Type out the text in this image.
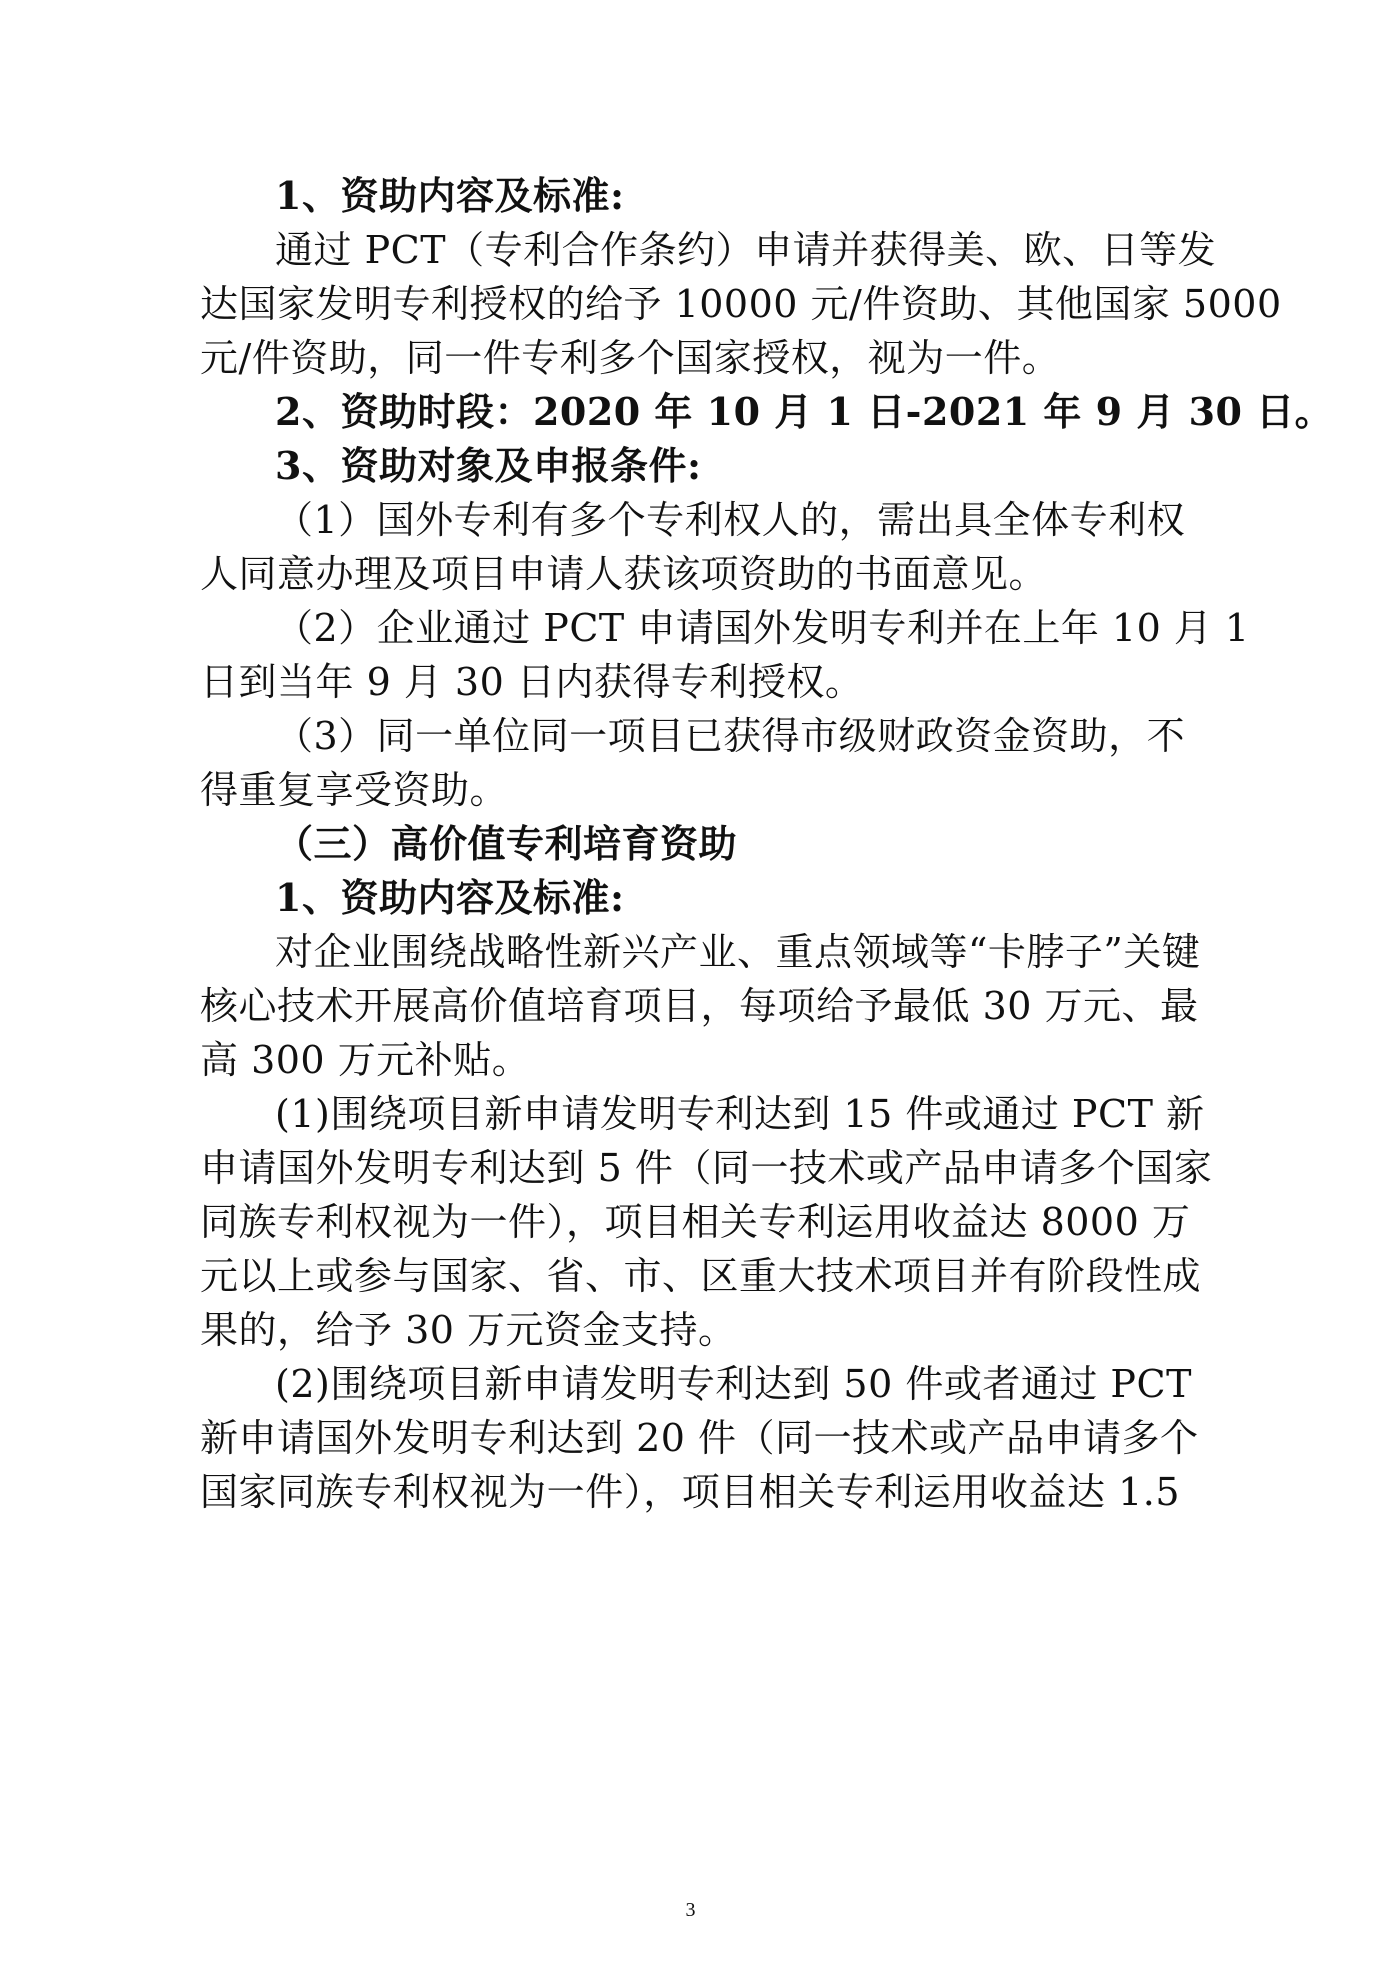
1、资助内容及标准:
通过 PCT（专利合作条约）申请并获得美、欧、日等发
达国家发明专利授权的给予 10000 元/件资助、其他国家 5000
元/件资助，同一件专利多个国家授权，视为一件。
2、资助时段：2020 年 10 月 1 日-2021 年 9 月 30 日。
3、资助对象及申报条件:
（1）国外专利有多个专利权人的，需出具全体专利权
人同意办理及项目申请人获该项资助的书面意见。
（2）企业通过 PCT 申请国外发明专利并在上年 10 月 1
日到当年 9 月 30 日内获得专利授权。
（3）同一单位同一项目已获得市级财政资金资助，不
得重复享受资助。
（三）高价值专利培育资助
1、资助内容及标准:
对企业围绕战略性新兴产业、重点领域等“卡脖子”关键
核心技术开展高价值培育项目，每项给予最低 30 万元、最
高 300 万元补贴。
(1)围绕项目新申请发明专利达到 15 件或通过 PCT 新
申请国外发明专利达到 5 件（同一技术或产品申请多个国家
同族专利权视为一件），项目相关专利运用收益达 8000 万
元以上或参与国家、省、市、区重大技术项目并有阶段性成
果的，给予 30 万元资金支持。
(2)围绕项目新申请发明专利达到 50 件或者通过 PCT
新申请国外发明专利达到 20 件（同一技术或产品申请多个
国家同族专利权视为一件），项目相关专利运用收益达 1.5
3
